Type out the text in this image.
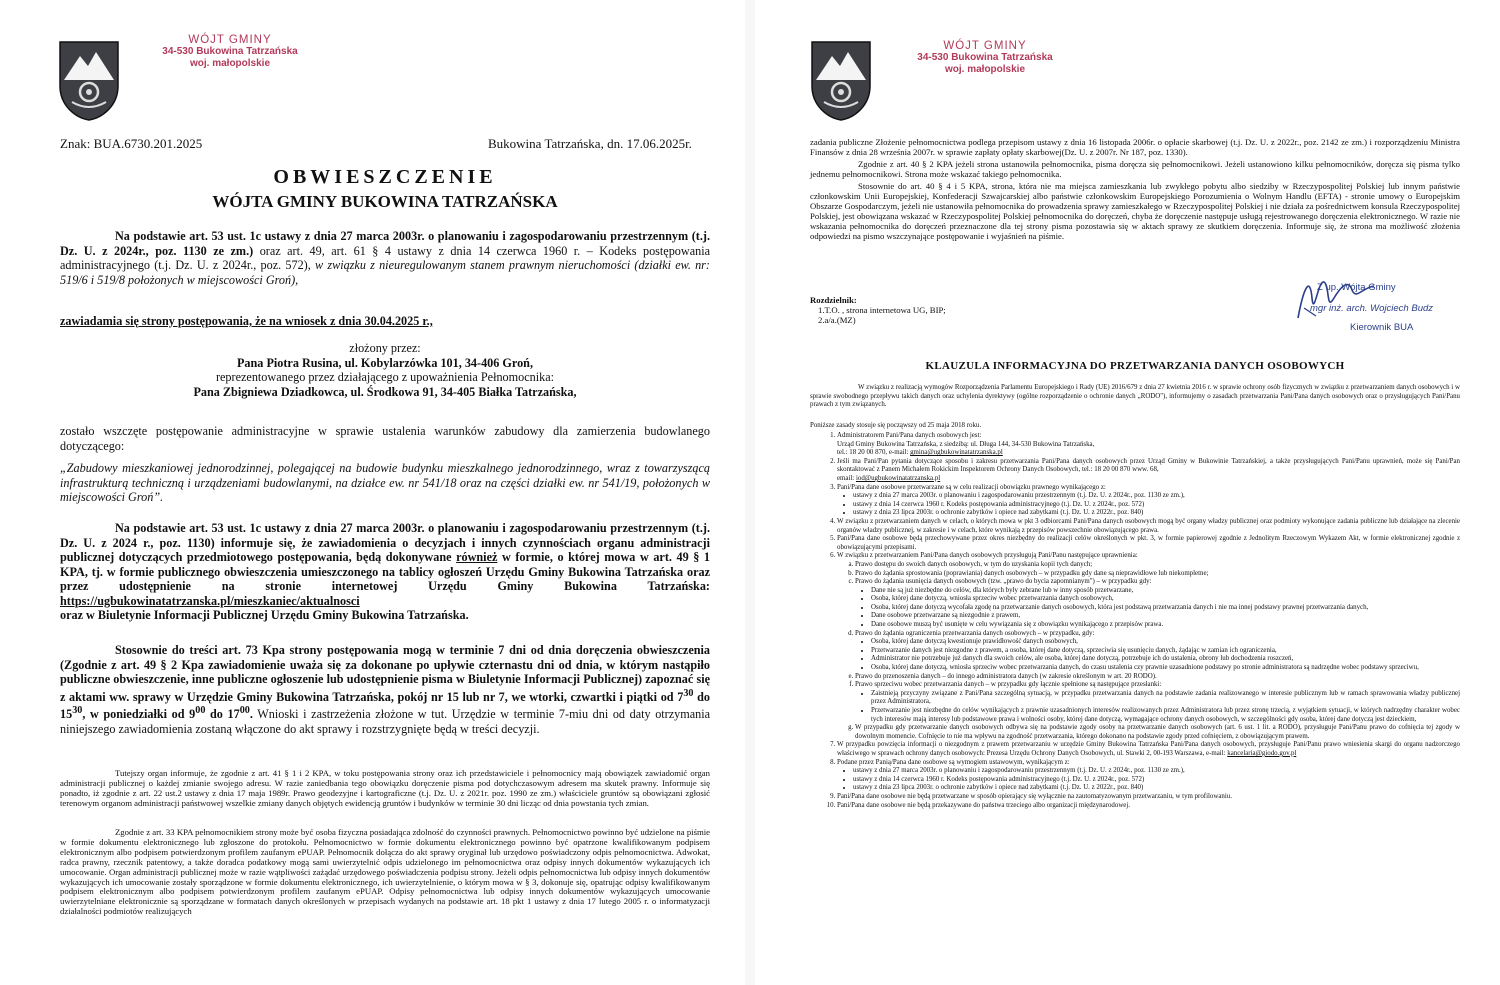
WÓJT GMINY
34-530 Bukowina Tatrzańska
woj. małopolskie
Znak: BUA.6730.201.2025	Bukowina Tatrzańska, dn. 17.06.2025r.
OBWIESZCZENIE
WÓJTA GMINY BUKOWINA TATRZAŃSKA

Na podstawie art. 53 ust. 1c ustawy z dnia 27 marca 2003r. o planowaniu i zagospodarowaniu przestrzennym (t.j. Dz. U. z 2024r., poz. 1130 ze zm.) oraz art. 49, art. 61 § 4 ustawy z dnia 14 czerwca 1960 r. – Kodeks postępowania administracyjnego (t.j. Dz. U. z 2024r., poz. 572), w związku z nieuregulowanym stanem prawnym nieruchomości (działki ew. nr: 519/6 i 519/8 położonych w miejscowości Groń),

zawiadamia się strony postępowania, że na wniosek z dnia 30.04.2025 r.,

złożony przez:
Pana Piotra Rusina, ul. Kobylarzówka 101, 34-406 Groń,
reprezentowanego przez działającego z upoważnienia Pełnomocnika:
Pana Zbigniewa Dziadkowca, ul. Środkowa 91, 34-405 Białka Tatrzańska,

zostało wszczęte postępowanie administracyjne w sprawie ustalenia warunków zabudowy dla zamierzenia budowlanego dotyczącego:

„Zabudowy mieszkaniowej jednorodzinnej, polegającej na budowie budynku mieszkalnego jednorodzinnego, wraz z towarzyszącą infrastrukturą techniczną i urządzeniami budowlanymi, na działce ew. nr 541/18 oraz na części działki ew. nr 541/19, położonych w miejscowości Groń”.

Na podstawie art. 53 ust. 1c ustawy z dnia 27 marca 2003r. o planowaniu i zagospodarowaniu przestrzennym (t.j. Dz. U. z 2024 r., poz. 1130) informuje się, że zawiadomienia o decyzjach i innych czynnościach organu administracji publicznej dotyczących przedmiotowego postępowania, będą dokonywane również w formie, o której mowa w art. 49 § 1 KPA, tj. w formie publicznego obwieszczenia umieszczonego na tablicy ogłoszeń Urzędu Gminy Bukowina Tatrzańska oraz przez udostępnienie na stronie internetowej Urzędu Gminy Bukowina Tatrzańska: https://ugbukowinatatrzanska.pl/mieszkaniec/aktualnosci
oraz w Biuletynie Informacji Publicznej Urzędu Gminy Bukowina Tatrzańska.

Stosownie do treści art. 73 Kpa strony postępowania mogą w terminie 7 dni od dnia doręczenia obwieszczenia (Zgodnie z art. 49 § 2 Kpa zawiadomienie uważa się za dokonane po upływie czternastu dni od dnia, w którym nastąpiło publiczne obwieszczenie, inne publiczne ogłoszenie lub udostępnienie pisma w Biuletynie Informacji Publicznej) zapoznać się z aktami ww. sprawy w Urzędzie Gminy Bukowina Tatrzańska, pokój nr 15 lub nr 7, we wtorki, czwartki i piątki od $7^{30}$ do $15^{30}$, w poniedziałki od $9^{00}$ do $17^{00}$. Wnioski i zastrzeżenia złożone w tut. Urzędzie w terminie 7-miu dni od daty otrzymania niniejszego zawiadomienia zostaną włączone do akt sprawy i rozstrzygnięte będą w treści decyzji.

Tutejszy organ informuje, że zgodnie z art. 41 § 1 i 2 KPA, w toku postępowania strony oraz ich przedstawiciele i pełnomocnicy mają obowiązek zawiadomić organ administracji publicznej o każdej zmianie swojego adresu. W razie zaniedbania tego obowiązku doręczenie pisma pod dotychczasowym adresem ma skutek prawny. Informuje się ponadto, iż zgodnie z art. 22 ust.2 ustawy z dnia 17 maja 1989r. Prawo geodezyjne i kartograficzne (t.j. Dz. U. z 2021r. poz. 1990 ze zm.) właściciele gruntów są obowiązani zgłosić terenowym organom administracji państwowej wszelkie zmiany danych objętych ewidencją gruntów i budynków w terminie 30 dni licząc od dnia powstania tych zmian.

Zgodnie z art. 33 KPA pełnomocnikiem strony może być osoba fizyczna posiadająca zdolność do czynności prawnych. Pełnomocnictwo powinno być udzielone na piśmie w formie dokumentu elektronicznego lub zgłoszone do protokołu. Pełnomocnictwo w formie dokumentu elektronicznego powinno być opatrzone kwalifikowanym podpisem elektronicznym albo podpisem potwierdzonym profilem zaufanym ePUAP. Pełnomocnik dołącza do akt sprawy oryginał lub urzędowo poświadczony odpis pełnomocnictwa. Adwokat, radca prawny, rzecznik patentowy, a także doradca podatkowy mogą sami uwierzytelnić odpis udzielonego im pełnomocnictwa oraz odpisy innych dokumentów wykazujących ich umocowanie. Organ administracji publicznej może w razie wątpliwości zażądać urzędowego poświadczenia podpisu strony. Jeżeli odpis pełnomocnictwa lub odpisy innych dokumentów wykazujących ich umocowanie zostały sporządzone w formie dokumentu elektronicznego, ich uwierzytelnienie, o którym mowa w § 3, dokonuje się, opatrując odpisy kwalifikowanym podpisem elektronicznym albo podpisem potwierdzonym profilem zaufanym ePUAP. Odpisy pełnomocnictwa lub odpisy innych dokumentów wykazujących umocowanie uwierzytelniane elektronicznie są sporządzane w formatach danych określonych w przepisach wydanych na podstawie art. 18 pkt 1 ustawy z dnia 17 lutego 2005 r. o informatyzacji działalności podmiotów realizujących

WÓJT GMINY
34-530 Bukowina Tatrzańska
woj. małopolskie

zadania publiczne Złożenie pełnomocnictwa podlega przepisom ustawy z dnia 16 listopada 2006r. o opłacie skarbowej (t.j. Dz. U. z 2022r., poz. 2142 ze zm.) i rozporządzeniu Ministra Finansów z dnia 28 września 2007r. w sprawie zapłaty opłaty skarbowej(Dz. U. z 2007r. Nr 187, poz. 1330).

Zgodnie z art. 40 § 2 KPA jeżeli strona ustanowiła pełnomocnika, pisma doręcza się pełnomocnikowi. Jeżeli ustanowiono kilku pełnomocników, doręcza się pisma tylko jednemu pełnomocnikowi. Strona może wskazać takiego pełnomocnika.

Stosownie do art. 40 § 4 i 5 KPA, strona, która nie ma miejsca zamieszkania lub zwykłego pobytu albo siedziby w Rzeczypospolitej Polskiej lub innym państwie członkowskim Unii Europejskiej, Konfederacji Szwajcarskiej albo państwie członkowskim Europejskiego Porozumienia o Wolnym Handlu (EFTA) - stronie umowy o Europejskim Obszarze Gospodarczym, jeżeli nie ustanowiła pełnomocnika do prowadzenia sprawy zamieszkałego w Rzeczypospolitej Polskiej i nie działa za pośrednictwem konsula Rzeczypospolitej Polskiej, jest obowiązana wskazać w Rzeczypospolitej Polskiej pełnomocnika do doręczeń, chyba że doręczenie następuje usługą rejestrowanego doręczenia elektronicznego. W razie nie wskazania pełnomocnika do doręczeń przeznaczone dla tej strony pisma pozostawia się w aktach sprawy ze skutkiem doręczenia. Informuje się, że strona ma możliwość złożenia odpowiedzi na pismo wszczynające postępowanie i wyjaśnień na piśmie.

Rozdzielnik:
1.T.O. , strona internetowa UG, BIP;
2.a/a.(MZ)
Z up. Wójta Gminy
mgr inż. arch. Wojciech Budz
Kierownik BUA
KLAUZULA INFORMACYJNA DO PRZETWARZANIA DANYCH OSOBOWYCH

W związku z realizacją wymogów Rozporządzenia Parlamentu Europejskiego i Rady (UE) 2016/679 z dnia 27 kwietnia 2016 r. w sprawie ochrony osób fizycznych w związku z przetwarzaniem danych osobowych i w sprawie swobodnego przepływu takich danych oraz uchylenia dyrektywy (ogólne rozporządzenie o ochronie danych „RODO"), informujemy o zasadach przetwarzania Pani/Pana danych osobowych oraz o przysługujących Pani/Panu prawach z tym związanych.

Poniższe zasady stosuje się począwszy od 25 maja 2018 roku.

1. Administratorem Pani/Pana danych osobowych jest:
Urząd Gminy Bukowina Tatrzańska, z siedzibą: ul. Długa 144, 34-530 Bukowina Tatrzańska,
tel.: 18 20 00 870, e-mail: gmina@ugbukowinatatrzanska.pl
2. Jeśli ma Pani/Pan pytania dotyczące sposobu i zakresu przetwarzania Pani/Pana danych osobowych przez Urząd Gminy w Bukowinie Tatrzańskiej, a także przysługujących Pani/Panu uprawnień, może się Pani/Pan skontaktować z Panem Michałem Rokickim Inspektorem Ochrony Danych Osobowych, tel.: 18 20 00 870 www. 68,
email: iod@ugbukowinatatrzanska.pl
3. Pani/Pana dane osobowe przetwarzane są w celu realizacji obowiązku prawnego wynikającego z:
• ustawy z dnia 27 marca 2003r. o planowaniu i zagospodarowaniu przestrzennym (t.j. Dz. U. z 2024r., poz. 1130 ze zm.),
• ustawy z dnia 14 czerwca 1960 r. Kodeks postępowania administracyjnego (t.j. Dz. U. z 2024r., poz. 572)
• ustawy z dnia 23 lipca 2003r. o ochronie zabytków i opiece nad zabytkami (t.j. Dz. U. z 2022r., poz. 840)
4. W związku z przetwarzaniem danych w celach, o których mowa w pkt 3 odbiorcami Pani/Pana danych osobowych mogą być organy władzy publicznej oraz podmioty wykonujące zadania publiczne lub działające na zlecenie organów władzy publicznej, w zakresie i w celach, które wynikają z przepisów powszechnie obowiązującego prawa.
5. Pani/Pana dane osobowe będą przechowywane przez okres niezbędny do realizacji celów określonych w pkt. 3, w formie papierowej zgodnie z Jednolitym Rzeczowym Wykazem Akt, w formie elektronicznej zgodnie z obowiązującymi przepisami.
6. W związku z przetwarzaniem Pani/Pana danych osobowych przysługują Pani/Panu następujące uprawnienia:
a. Prawo dostępu do swoich danych osobowych, w tym do uzyskania kopii tych danych;
b. Prawo do żądania sprostowania (poprawiania) danych osobowych – w przypadku gdy dane są nieprawidłowe lub niekompletne;
c. Prawo do żądania usunięcia danych osobowych (tzw. „prawo do bycia zapomnianym") – w przypadku gdy:
• Dane nie są już niezbędne do celów, dla których były zebrane lub w inny sposób przetwarzane,
• Osoba, której dane dotyczą, wniosła sprzeciw wobec przetwarzania danych osobowych,
• Osoba, której dane dotyczą wycofała zgodę na przetwarzanie danych osobowych, która jest podstawą przetwarzania danych i nie ma innej podstawy prawnej przetwarzania danych,
• Dane osobowe przetwarzane są niezgodnie z prawem,
• Dane osobowe muszą być usunięte w celu wywiązania się z obowiązku wynikającego z przepisów prawa.
d. Prawo do żądania ograniczenia przetwarzania danych osobowych – w przypadku, gdy:
• Osoba, której dane dotyczą kwestionuje prawidłowość danych osobowych,
• Przetwarzanie danych jest niezgodne z prawem, a osoba, której dane dotyczą, sprzeciwia się usunięciu danych, żądając w zamian ich ograniczenia,
• Administrator nie potrzebuje już danych dla swoich celów, ale osoba, której dane dotyczą, potrzebuje ich do ustalenia, obrony lub dochodzenia roszczeń,
• Osoba, której dane dotyczą, wniosła sprzeciw wobec przetwarzania danych, do czasu ustalenia czy prawnie uzasadnione podstawy po stronie administratora są nadrzędne wobec podstawy sprzeciwu,
e. Prawo do przenoszenia danych – do innego administratora danych (w zakresie określonym w art. 20 RODO).
f. Prawo sprzeciwu wobec przetwarzania danych – w przypadku gdy łącznie spełnione są następujące przesłanki:
• Zaistnieją przyczyny związane z Pani/Pana szczególną sytuacją, w przypadku przetwarzania danych na podstawie zadania realizowanego w interesie publicznym lub w ramach sprawowania władzy publicznej przez Administratora,
• Przetwarzanie jest niezbędne do celów wynikających z prawnie uzasadnionych interesów realizowanych przez Administratora lub przez stronę trzecią, z wyjątkiem sytuacji, w których nadrzędny charakter wobec tych interesów mają interesy lub podstawowe prawa i wolności osoby, której dane dotyczą, wymagające ochrony danych osobowych, w szczególności gdy osoba, której dane dotyczą jest dzieckiem,
g. W przypadku gdy przetwarzanie danych osobowych odbywa się na podstawie zgody osoby na przetwarzanie danych osobowych (art. 6 ust. 1 lit. a RODO), przysługuje Pani/Panu prawo do cofnięcia tej zgody w dowolnym momencie. Cofnięcie to nie ma wpływu na zgodność przetwarzania, którego dokonano na podstawie zgody przed cofnięciem, z obowiązującym prawem.
7. W przypadku powzięcia informacji o niezgodnym z prawem przetwarzaniu w urzędzie Gminy Bukowina Tatrzańska Pani/Pana danych osobowych, przysługuje Pani/Panu prawo wniesienia skargi do organu nadzorczego właściwego w sprawach ochrony danych osobowych: Prezesa Urzędu Ochrony Danych Osobowych, ul. Stawki 2, 00-193 Warszawa, e-mail: kancelaria@giodo.gov.pl
8. Podane przez Panią/Pana dane osobowe są wymogiem ustawowym, wynikającym z:
• ustawy z dnia 27 marca 2003r. o planowaniu i zagospodarowaniu przestrzennym (t.j. Dz. U. z 2024r., poz. 1130 ze zm.),
• ustawy z dnia 14 czerwca 1960 r. Kodeks postępowania administracyjnego (t.j. Dz. U. z 2024r., poz. 572)
• ustawy z dnia 23 lipca 2003r. o ochronie zabytków i opiece nad zabytkami (t.j. Dz. U. z 2022r., poz. 840)
9. Pani/Pana dane osobowe nie będą przetwarzane w sposób opierający się wyłącznie na zautomatyzowanym przetwarzaniu, w tym profilowaniu.
10. Pani/Pana dane osobowe nie będą przekazywane do państwa trzeciego albo organizacji międzynarodowej.
